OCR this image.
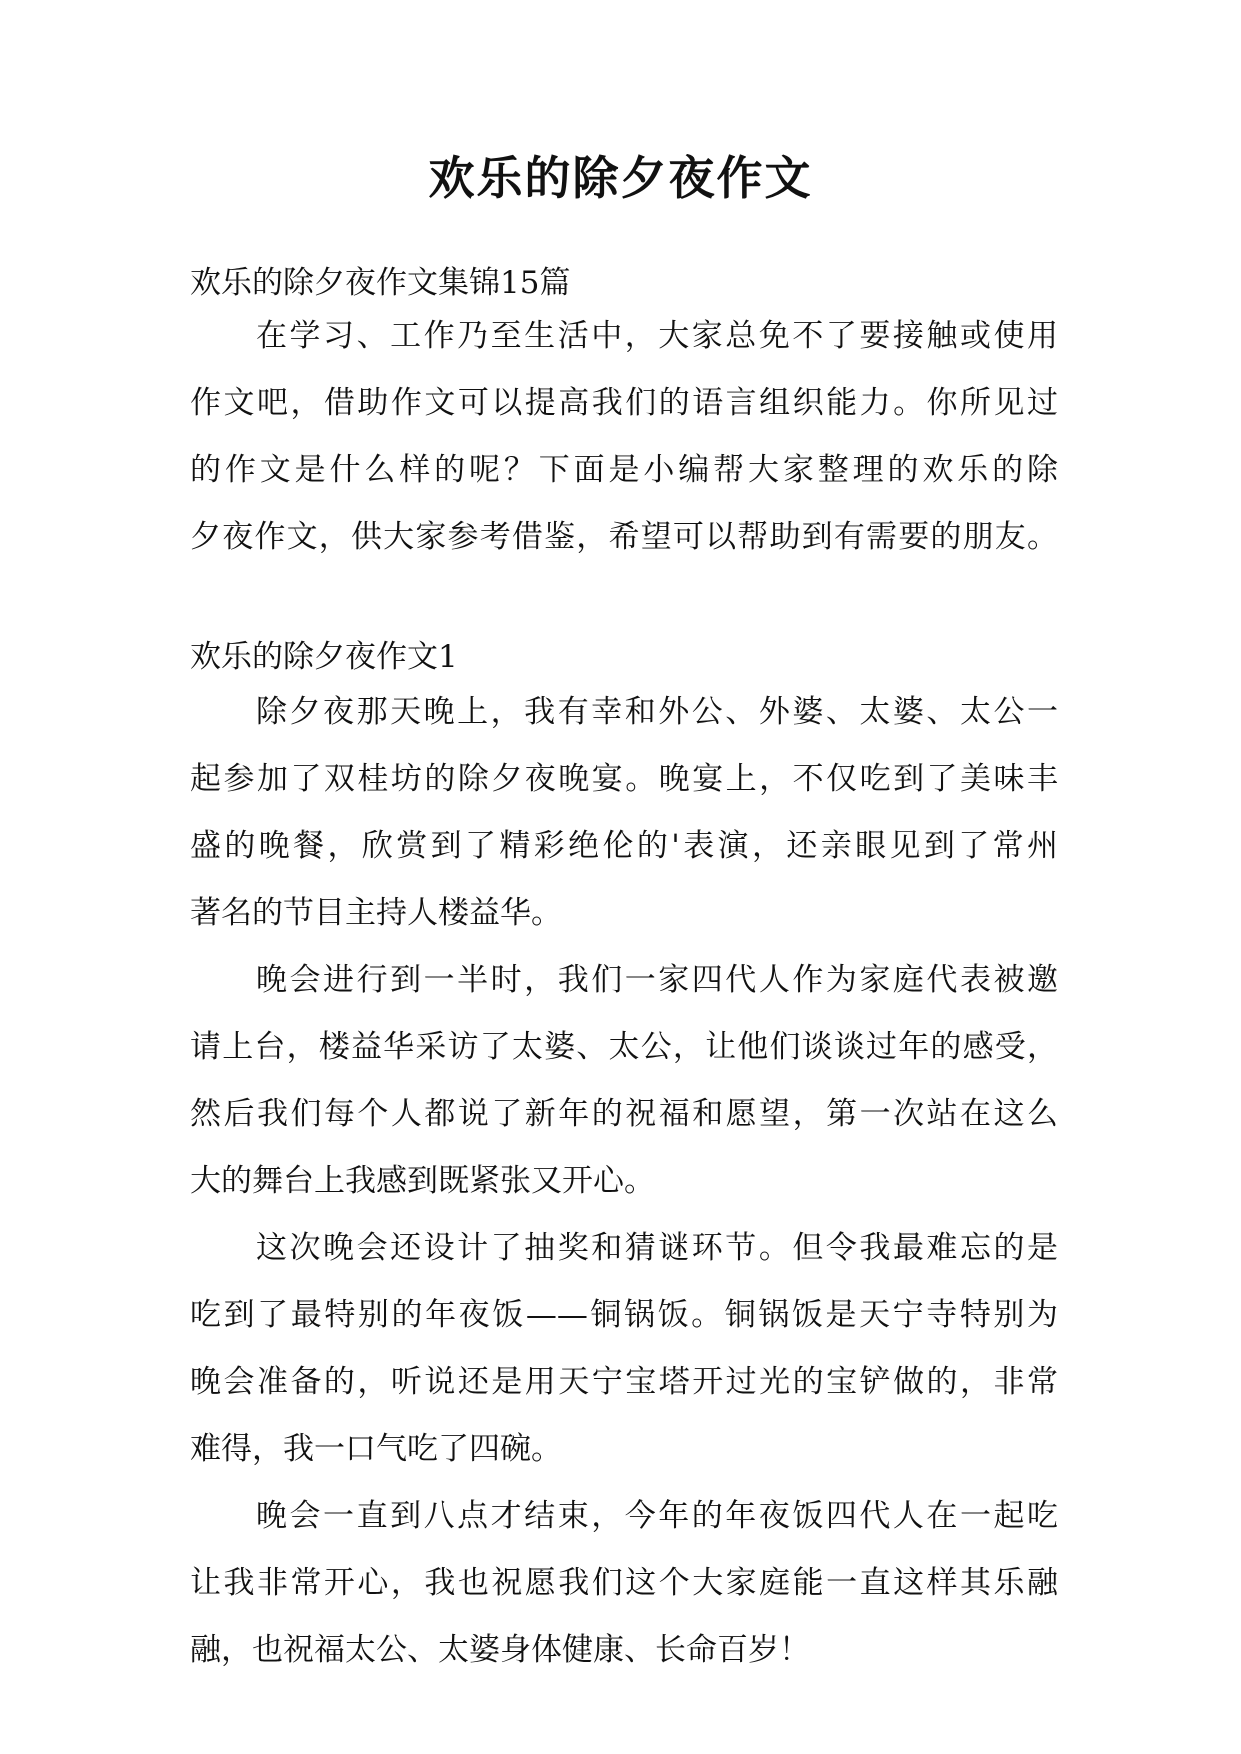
欢乐的除夕夜作文
欢乐的除夕夜作文集锦15篇
在学习、工作乃至生活中，大家总免不了要接触或使用
作文吧，借助作文可以提高我们的语言组织能力。你所见过
的作文是什么样的呢？下面是小编帮大家整理的欢乐的除
夕夜作文，供大家参考借鉴，希望可以帮助到有需要的朋友。
欢乐的除夕夜作文1
除夕夜那天晚上，我有幸和外公、外婆、太婆、太公一
起参加了双桂坊的除夕夜晚宴。晚宴上，不仅吃到了美味丰
盛的晚餐，欣赏到了精彩绝伦的'表演，还亲眼见到了常州
著名的节目主持人楼益华。
晚会进行到一半时，我们一家四代人作为家庭代表被邀
请上台，楼益华采访了太婆、太公，让他们谈谈过年的感受，
然后我们每个人都说了新年的祝福和愿望，第一次站在这么
大的舞台上我感到既紧张又开心。
这次晚会还设计了抽奖和猜谜环节。但令我最难忘的是
吃到了最特别的年夜饭——铜锅饭。铜锅饭是天宁寺特别为
晚会准备的，听说还是用天宁宝塔开过光的宝铲做的，非常
难得，我一口气吃了四碗。
晚会一直到八点才结束，今年的年夜饭四代人在一起吃
让我非常开心，我也祝愿我们这个大家庭能一直这样其乐融
融，也祝福太公、太婆身体健康、长命百岁！
